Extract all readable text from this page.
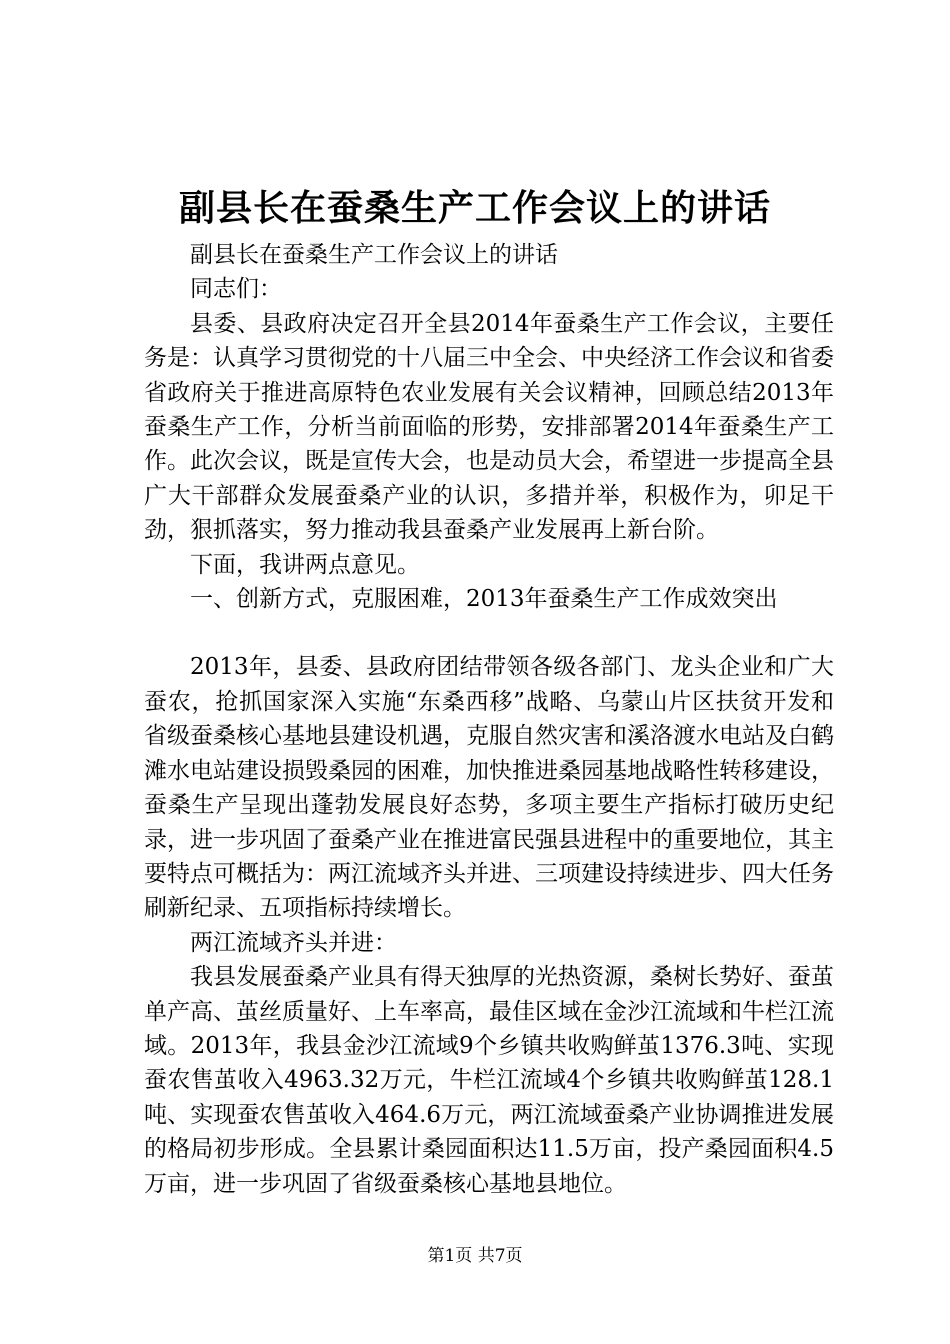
副县长在蚕桑生产工作会议上的讲话

副县长在蚕桑生产工作会议上的讲话

同志们：

县委、县政府决定召开全县2014年蚕桑生产工作会议，主要任务是：认真学习贯彻党的十八届三中全会、中央经济工作会议和省委省政府关于推进高原特色农业发展有关会议精神，回顾总结2013年蚕桑生产工作，分析当前面临的形势，安排部署2014年蚕桑生产工作。此次会议，既是宣传大会，也是动员大会，希望进一步提高全县广大干部群众发展蚕桑产业的认识，多措并举，积极作为，卯足干劲，狠抓落实，努力推动我县蚕桑产业发展再上新台阶。

下面，我讲两点意见。

一、创新方式，克服困难，2013年蚕桑生产工作成效突出

2013年，县委、县政府团结带领各级各部门、龙头企业和广大蚕农，抢抓国家深入实施“东桑西移”战略、乌蒙山片区扶贫开发和省级蚕桑核心基地县建设机遇，克服自然灾害和溪洛渡水电站及白鹤滩水电站建设损毁桑园的困难，加快推进桑园基地战略性转移建设，蚕桑生产呈现出蓬勃发展良好态势，多项主要生产指标打破历史纪录，进一步巩固了蚕桑产业在推进富民强县进程中的重要地位，其主要特点可概括为：两江流域齐头并进、三项建设持续进步、四大任务刷新纪录、五项指标持续增长。

两江流域齐头并进：

我县发展蚕桑产业具有得天独厚的光热资源，桑树长势好、蚕茧单产高、茧丝质量好、上车率高，最佳区域在金沙江流域和牛栏江流域。2013年，我县金沙江流域9个乡镇共收购鲜茧1376.3吨、实现蚕农售茧收入4963.32万元，牛栏江流域4个乡镇共收购鲜茧128.1吨、实现蚕农售茧收入464.6万元，两江流域蚕桑产业协调推进发展的格局初步形成。全县累计桑园面积达11.5万亩，投产桑园面积4.5万亩，进一步巩固了省级蚕桑核心基地县地位。

第1页 共7页
